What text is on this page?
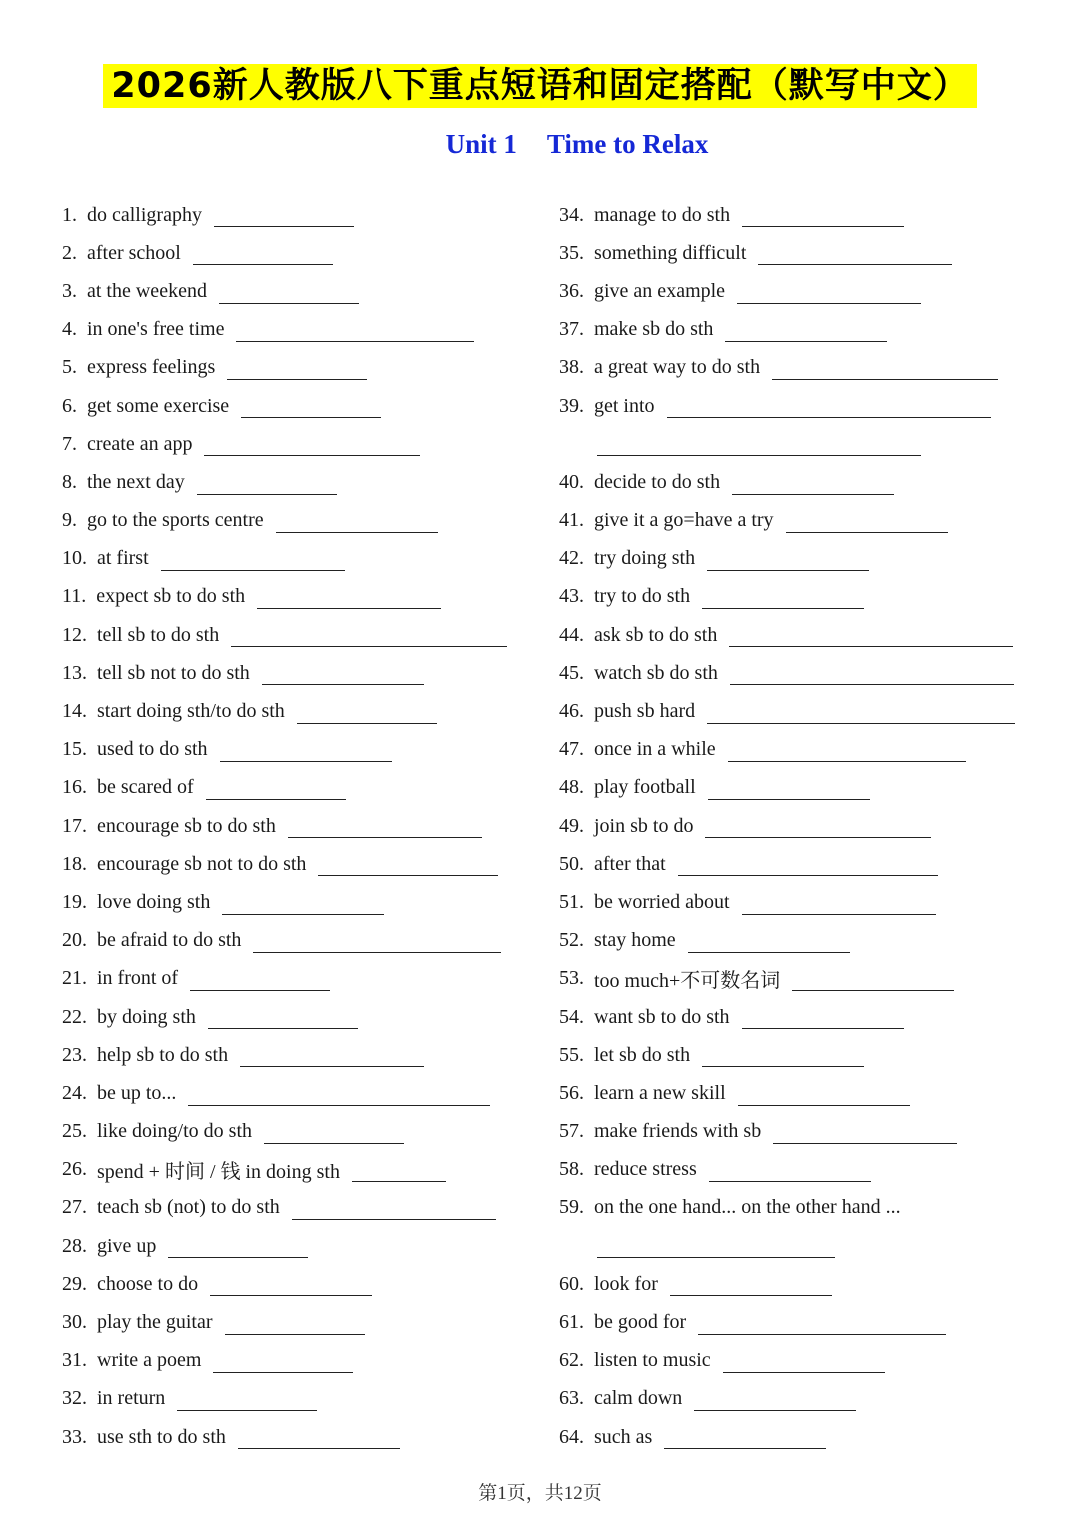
2026新人教版八下重点短语和固定搭配（默写中文）
Unit 1 Time to Relax
1. do calligraphy
2. after school
3. at the weekend
4. in one's free time
5. express feelings
6. get some exercise
7. create an app
8. the next day
9. go to the sports centre
10. at first
11. expect sb to do sth
12. tell sb to do sth
13. tell sb not to do sth
14. start doing sth/to do sth
15. used to do sth
16. be scared of
17. encourage sb to do sth
18. encourage sb not to do sth
19. love doing sth
20. be afraid to do sth
21. in front of
22. by doing sth
23. help sb to do sth
24. be up to...
25. like doing/to do sth
26. spend + 时间 / 钱 in doing sth
27. teach sb (not) to do sth
28. give up
29. choose to do
30. play the guitar
31. write a poem
32. in return
33. use sth to do sth
34. manage to do sth
35. something difficult
36. give an example
37. make sb do sth
38. a great way to do sth
39. get into
40. decide to do sth
41. give it a go=have a try
42. try doing sth
43. try to do sth
44. ask sb to do sth
45. watch sb do sth
46. push sb hard
47. once in a while
48. play football
49. join sb to do
50. after that
51. be worried about
52. stay home
53. too much+不可数名词
54. want sb to do sth
55. let sb do sth
56. learn a new skill
57. make friends with sb
58. reduce stress
59. on the one hand... on the other hand ...
60. look for
61. be good for
62. listen to music
63. calm down
64. such as
第1页，共12页
